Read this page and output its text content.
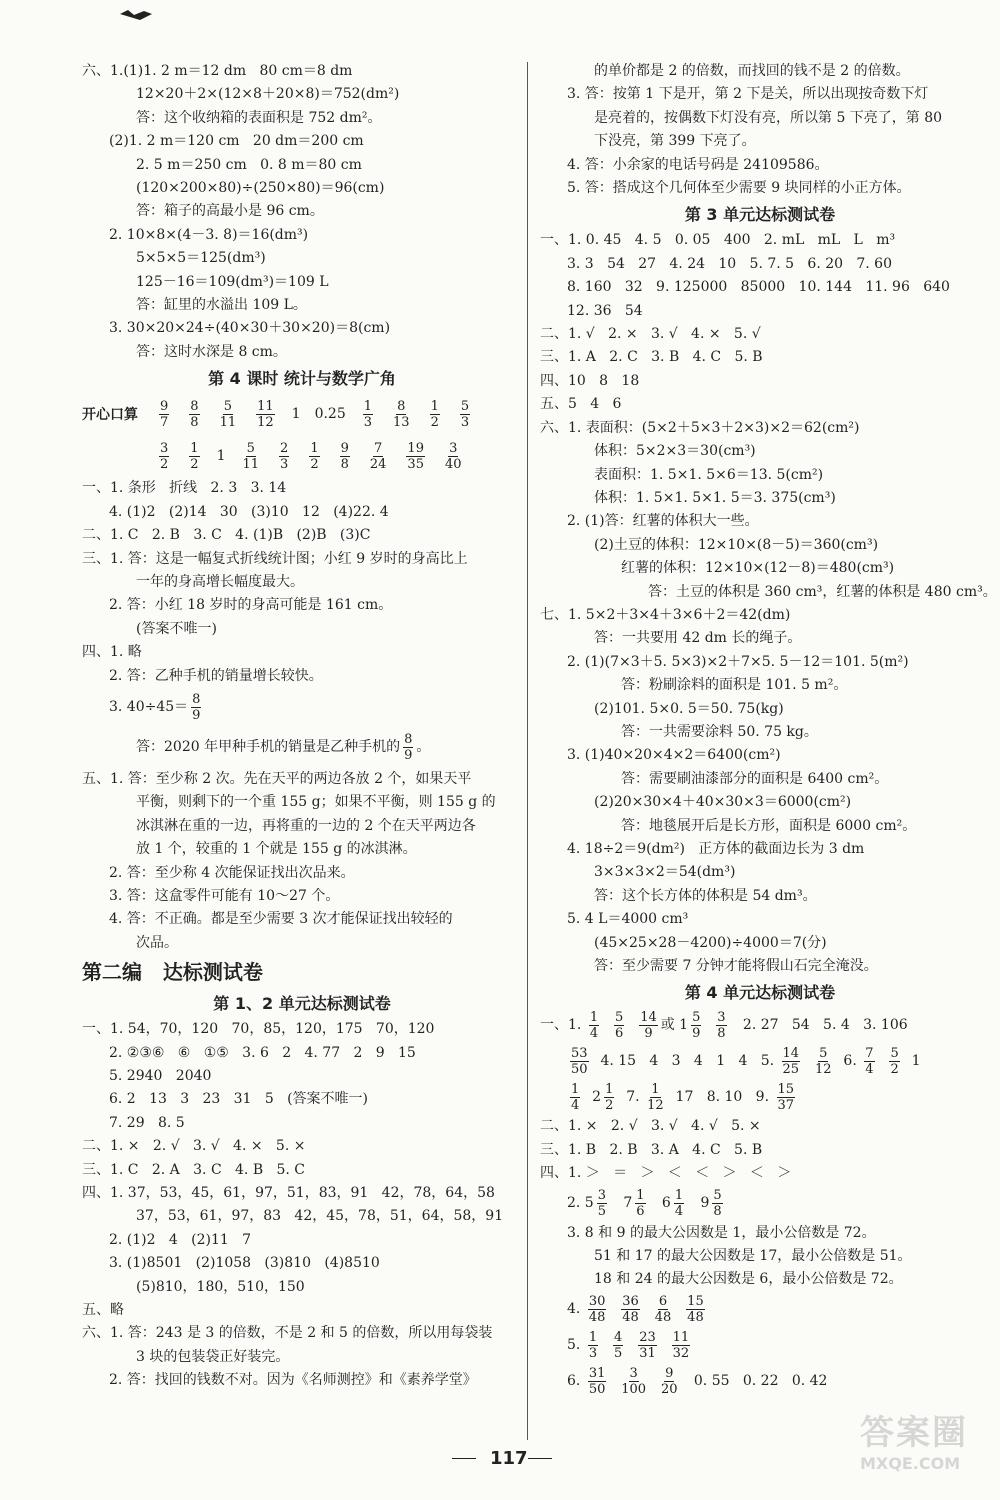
六、1.(1)1. 2 m＝12 dm   80 cm＝8 dm
12×20＋2×(12×8＋20×8)＝752(dm²)
答：这个收纳箱的表面积是 752 dm²。
(2)1. 2 m＝120 cm   20 dm＝200 cm
2. 5 m＝250 cm   0. 8 m＝80 cm
(120×200×80)÷(250×80)＝96(cm)
答：箱子的高最小是 96 cm。
2. 10×8×(4－3. 8)＝16(dm³)
5×5×5＝125(dm³)
125－16＝109(dm³)＝109 L
答：缸里的水溢出 109 L。
3. 30×20×24÷(40×30＋30×20)＝8(cm)
答：这时水深是 8 cm。
第 4 课时 统计与数学广角
开心口算	$\frac{9}{7} \frac{8}{8} \frac{5}{11} \frac{11}{12} 1$ $0.25 \frac{1}{3} \frac{8}{13} \frac{1}{2} \frac{5}{3}$
$\frac{3}{2} \frac{1}{2} 1 \frac{5}{11} \frac{2}{3} \frac{1}{2} \frac{9}{8} \frac{7}{24} \frac{19}{35} \frac{3}{40}$
一、1. 条形   折线   2. 3   3. 14
4. (1)2   (2)14   30   (3)10   12   (4)22. 4
二、1. C   2. B   3. C   4. (1)B   (2)B   (3)C
三、1. 答：这是一幅复式折线统计图；小红 9 岁时的身高比上
一年的身高增长幅度最大。
2. 答：小红 18 岁时的身高可能是 161 cm。
(答案不唯一)
四、1. 略
2. 答：乙种手机的销量增长较快。
3. $40\div 45= \frac{8}{9}$
答：2020 年甲种手机的销量是乙种手机的 $\frac{8}{9}$ 。
五、1. 答：至少称 2 次。先在天平的两边各放 2 个，如果天平
平衡，则剩下的一个重 155 g；如果不平衡，则 155 g 的
冰淇淋在重的一边，再将重的一边的 2 个在天平两边各
放 1 个，较重的 1 个就是 155 g 的冰淇淋。
2. 答：至少称 4 次能保证找出次品来。
3. 答：这盒零件可能有 10～27 个。
4. 答：不正确。都是至少需要 3 次才能保证找出较轻的
次品。
第二编   达标测试卷
第 1、2 单元达标测试卷
一、1. 54，70，120   70，85，120，175   70，120
2. ②③⑥   ⑥   ①⑤   3. 6   2   4. 77   2   9   15
5. 2940   2040
6. 2   13   3   23   31   5   (答案不唯一)
7. 29   8. 5
二、1. ×   2. √   3. √   4. ×   5. ×
三、1. C   2. A   3. C   4. B   5. C
四、1. 37，53，45，61，97，51，83，91   42，78，64，58
37，53，61，97，83   42，45，78，51，64，58，91
2. (1)2   4   (2)11   7
3. (1)8501   (2)1058   (3)810   (4)8510
(5)810，180，510，150
五、略
六、1. 答：243 是 3 的倍数，不是 2 和 5 的倍数，所以用每袋装
3 块的包装袋正好装完。
2. 答：找回的钱数不对。因为《名师测控》和《素养学堂》
的单价都是 2 的倍数，而找回的钱不是 2 的倍数。
3. 答：按第 1 下是开，第 2 下是关，所以出现按奇数下灯
是亮着的，按偶数下灯没有亮，所以第 5 下亮了，第 80
下没亮，第 399 下亮了。
4. 答：小余家的电话号码是 24109586。
5. 答：搭成这个几何体至少需要 9 块同样的小正方体。
第 3 单元达标测试卷
一、1. 0. 45   4. 5   0. 05   400   2. mL   mL   L   m³
3. 3   54   27   4. 24   10   5. 7. 5   6. 20   7. 60
8. 160   32   9. 125000   85000   10. 144   11. 96   640
12. 36   54
二、1. √   2. ×   3. √   4. ×   5. √
三、1. A   2. C   3. B   4. C   5. B
四、10   8   18
五、5   4   6
六、1. 表面积：(5×2＋5×3＋2×3)×2＝62(cm²)
体积：5×2×3＝30(cm³)
表面积：1. 5×1. 5×6＝13. 5(cm²)
体积：1. 5×1. 5×1. 5＝3. 375(cm³)
2. (1)答：红薯的体积大一些。
(2)土豆的体积：12×10×(8－5)＝360(cm³)
红薯的体积：12×10×(12－8)＝480(cm³)
答：土豆的体积是 360 cm³，红薯的体积是 480 cm³。
七、1. 5×2＋3×4＋3×6＋2＝42(dm)
答：一共要用 42 dm 长的绳子。
2. (1)(7×3＋5. 5×3)×2＋7×5. 5－12＝101. 5(m²)
答：粉刷涂料的面积是 101. 5 m²。
(2)101. 5×0. 5＝50. 75(kg)
答：一共需要涂料 50. 75 kg。
3. (1)40×20×4×2＝6400(cm²)
答：需要刷油漆部分的面积是 6400 cm²。
(2)20×30×4＋40×30×3＝6000(cm²)
答：地毯展开后是长方形，面积是 6000 cm²。
4. 18÷2＝9(dm²)   正方体的截面边长为 3 dm
3×3×3×2＝54(dm³)
答：这个长方体的体积是 54 dm³。
5. 4 L＝4000 cm³
(45×25×28－4200)÷4000＝7(分)
答：至少需要 7 分钟才能将假山石完全淹没。
第 4 单元达标测试卷
一、1. $\frac{1}{4}$
$\frac{5}{6}$
$\frac{14}{9}$ 或 $1 \frac{5}{9}$
$\frac{3}{8} 2$. 27   54   5. 4   3. 106
$\frac{53}{50} 4$. 15   4   3   4   1   4   5. $\frac{14}{25}$
$\frac{5}{12} 6$. $\frac{7}{4}$
$\frac{5}{2} 1$
$\frac{1}{4} 2 \frac{1}{2} 7$. $\frac{1}{12} 17$   8. 10   9. $\frac{15}{37}$
二、1. ×   2. √   3. √   4. √   5. ×
三、1. B   2. B   3. A   4. C   5. B
四、1. ＞   ＝   ＞   ＜   ＜   ＞   ＜   ＞
2. $5 \frac{3}{5} 7 \frac{1}{6} 6 \frac{1}{4} 9 \frac{5}{8}$
3. 8 和 9 的最大公因数是 1，最小公倍数是 72。
51 和 17 的最大公因数是 17，最小公倍数是 51。
18 和 24 的最大公因数是 6，最小公倍数是 72。
4. $\frac{30}{48}$
$\frac{36}{48}$
$\frac{6}{48}$
$\frac{15}{48}$
5. $\frac{1}{3}$
$\frac{4}{5}$
$\frac{23}{31}$
$\frac{11}{32}$
6. $\frac{31}{50}$
$\frac{3}{100}$
$\frac{9}{20} 0$. 55   0. 22   0. 42
117
答案圈
MXQE.COM
